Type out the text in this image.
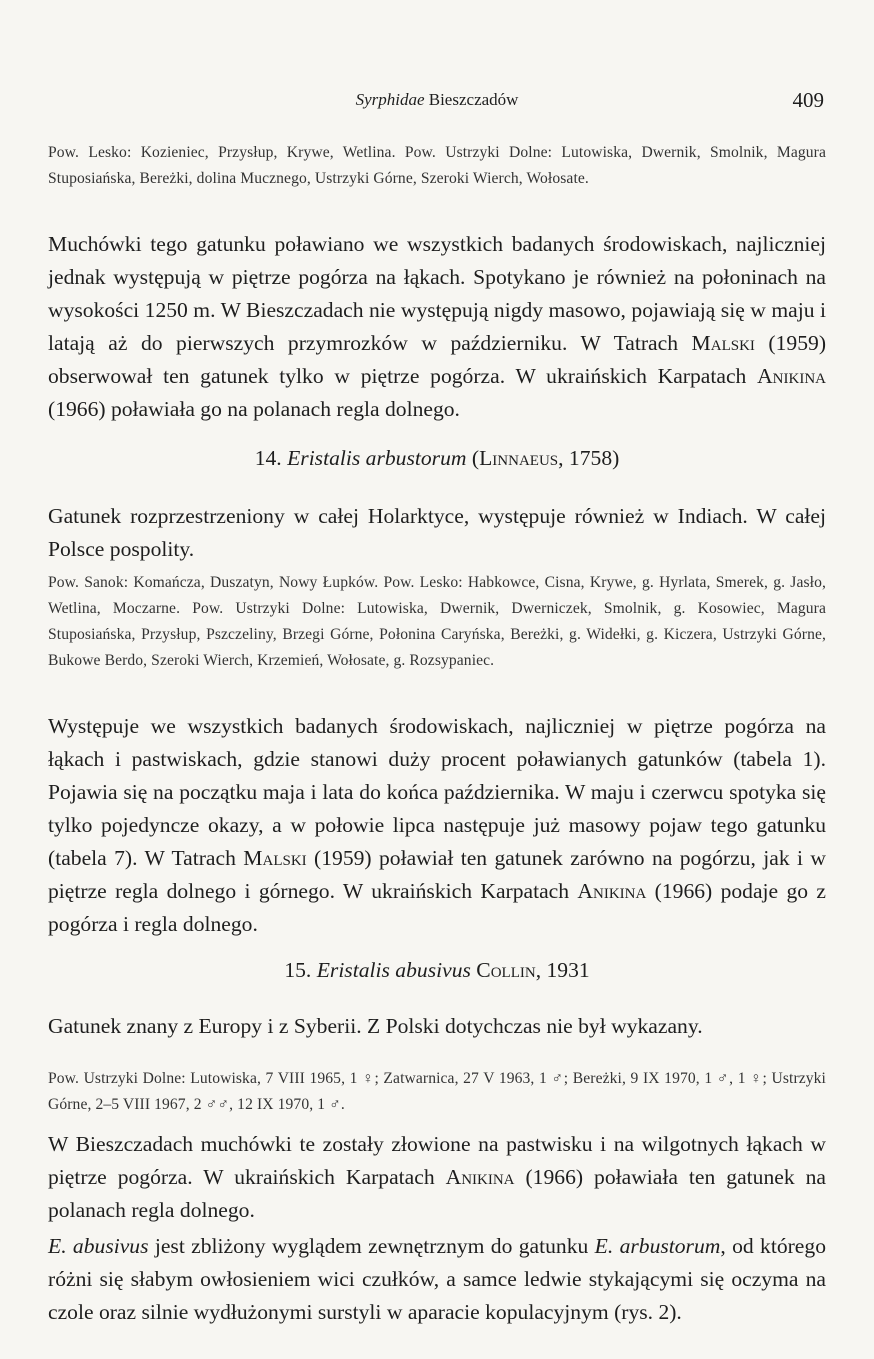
Syrphidae Bieszczadów	409

Pow. Lesko: Kozieniec, Przysłup, Krywe, Wetlina. Pow. Ustrzyki Dolne: Lutowiska, Dwernik, Smolnik, Magura Stuposiańska, Bereżki, dolina Mucznego, Ustrzyki Górne, Szeroki Wierch, Wołosate.

Muchówki tego gatunku poławiano we wszystkich badanych środowiskach, najliczniej jednak występują w piętrze pogórza na łąkach. Spotykano je również na połoninach na wysokości 1250 m. W Bieszczadach nie występują nigdy masowo, pojawiają się w maju i latają aż do pierwszych przymrozków w październiku. W Tatrach Malski (1959) obserwował ten gatunek tylko w piętrze pogórza. W ukraińskich Karpatach Anikina (1966) poławiała go na polanach regla dolnego.

14. Eristalis arbustorum (Linnaeus, 1758)

Gatunek rozprzestrzeniony w całej Holarktyce, występuje również w Indiach. W całej Polsce pospolity.

Pow. Sanok: Komańcza, Duszatyn, Nowy Łupków. Pow. Lesko: Habkowce, Cisna, Krywe, g. Hyrlata, Smerek, g. Jasło, Wetlina, Moczarne. Pow. Ustrzyki Dolne: Lutowiska, Dwernik, Dwerniczek, Smolnik, g. Kosowiec, Magura Stuposiańska, Przysłup, Pszczeliny, Brzegi Górne, Połonina Caryńska, Bereżki, g. Widełki, g. Kiczera, Ustrzyki Górne, Bukowe Berdo, Szeroki Wierch, Krzemień, Wołosate, g. Rozsypaniec.

Występuje we wszystkich badanych środowiskach, najliczniej w piętrze pogórza na łąkach i pastwiskach, gdzie stanowi duży procent poławianych gatunków (tabela 1). Pojawia się na początku maja i lata do końca października. W maju i czerwcu spotyka się tylko pojedyncze okazy, a w połowie lipca następuje już masowy pojaw tego gatunku (tabela 7). W Tatrach Malski (1959) poławiał ten gatunek zarówno na pogórzu, jak i w piętrze regla dolnego i górnego. W ukraińskich Karpatach Anikina (1966) podaje go z pogórza i regla dolnego.

15. Eristalis abusivus Collin, 1931

Gatunek znany z Europy i z Syberii. Z Polski dotychczas nie był wykazany.

Pow. Ustrzyki Dolne: Lutowiska, 7 VIII 1965, 1 ♀; Zatwarnica, 27 V 1963, 1 ♂; Bereżki, 9 IX 1970, 1 ♂, 1 ♀; Ustrzyki Górne, 2–5 VIII 1967, 2 ♂♂, 12 IX 1970, 1 ♂.

W Bieszczadach muchówki te zostały złowione na pastwisku i na wilgotnych łąkach w piętrze pogórza. W ukraińskich Karpatach Anikina (1966) poławiała ten gatunek na polanach regla dolnego.

E. abusivus jest zbliżony wyglądem zewnętrznym do gatunku E. arbustorum, od którego różni się słabym owłosieniem wici czułków, a samce ledwie stykającymi się oczyma na czole oraz silnie wydłużonymi surstyli w aparacie kopulacyjnym (rys. 2).
